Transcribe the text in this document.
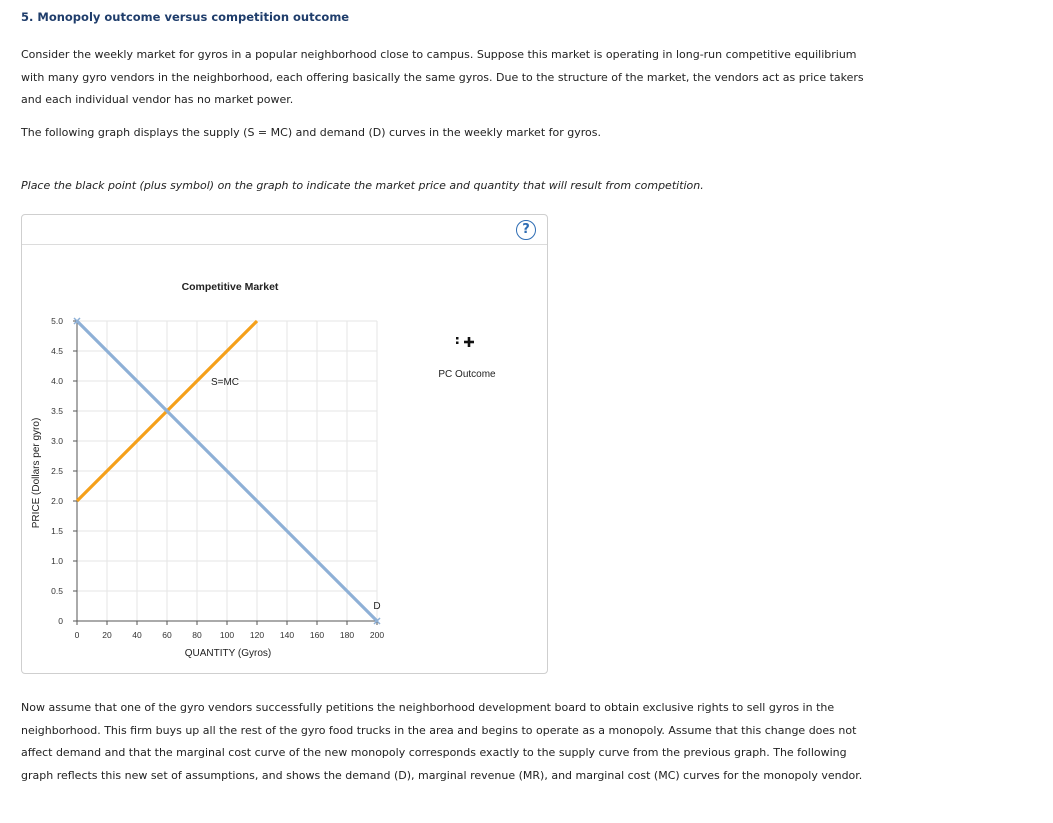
5. Monopoly outcome versus competition outcome
Consider the weekly market for gyros in a popular neighborhood close to campus. Suppose this market is operating in long-run competitive equilibrium with many gyro vendors in the neighborhood, each offering basically the same gyros. Due to the structure of the market, the vendors act as price takers and each individual vendor has no market power.
The following graph displays the supply (S = MC) and demand (D) curves in the weekly market for gyros.
Place the black point (plus symbol) on the graph to indicate the market price and quantity that will result from competition.
?
0
0.5
1.0
1.5
2.0
2.5
3.0
3.5
4.0
4.5
5.0
0	20 40 60 80 100 120 140 160 180 200
S=MC
D
Competitive Market
QUANTITY (Gyros)
PRICE (Dollars per gyro)
PC Outcome
Now assume that one of the gyro vendors successfully petitions the neighborhood development board to obtain exclusive rights to sell gyros in the neighborhood. This firm buys up all the rest of the gyro food trucks in the area and begins to operate as a monopoly. Assume that this change does not affect demand and that the marginal cost curve of the new monopoly corresponds exactly to the supply curve from the previous graph. The following graph reflects this new set of assumptions, and shows the demand (D), marginal revenue (MR), and marginal cost (MC) curves for the monopoly vendor.
